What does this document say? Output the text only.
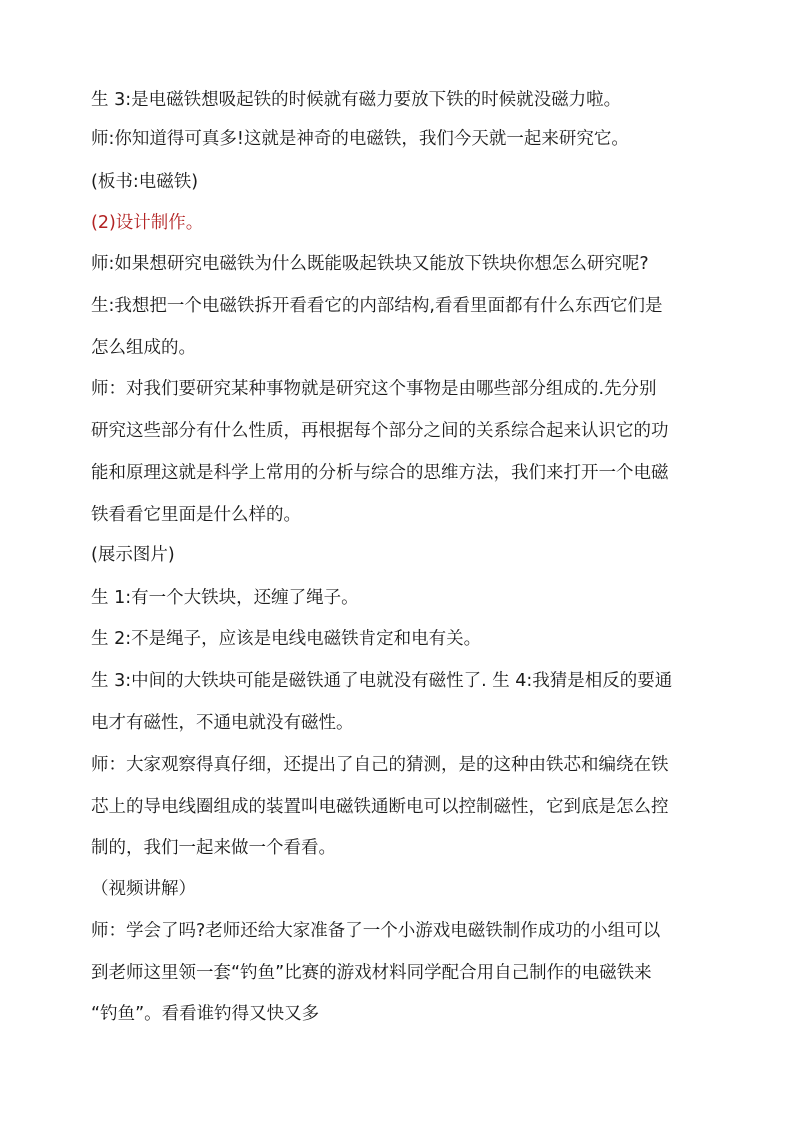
生 3:是电磁铁想吸起铁的时候就有磁力要放下铁的时候就没磁力啦。
师:你知道得可真多!这就是神奇的电磁铁，我们今天就一起来研究它。
(板书:电磁铁)
(2)设计制作。
师:如果想研究电磁铁为什么既能吸起铁块又能放下铁块你想怎么研究呢?
生:我想把一个电磁铁拆开看看它的内部结构,看看里面都有什么东西它们是
怎么组成的。
师：对我们要研究某种事物就是研究这个事物是由哪些部分组成的.先分别
研究这些部分有什么性质，再根据每个部分之间的关系综合起来认识它的功
能和原理这就是科学上常用的分析与综合的思维方法，我们来打开一个电磁
铁看看它里面是什么样的。
(展示图片)
生 1:有一个大铁块，还缠了绳子。
生 2:不是绳子，应该是电线电磁铁肯定和电有关。
生 3:中间的大铁块可能是磁铁通了电就没有磁性了. 生 4:我猜是相反的要通
电才有磁性，不通电就没有磁性。
师：大家观察得真仔细，还提出了自己的猜测，是的这种由铁芯和编绕在铁
芯上的导电线圈组成的装置叫电磁铁通断电可以控制磁性，它到底是怎么控
制的，我们一起来做一个看看。
（视频讲解）
师：学会了吗?老师还给大家准备了一个小游戏电磁铁制作成功的小组可以
到老师这里领一套“钓鱼”比赛的游戏材料同学配合用自己制作的电磁铁来
“钓鱼”。看看谁钓得又快又多
